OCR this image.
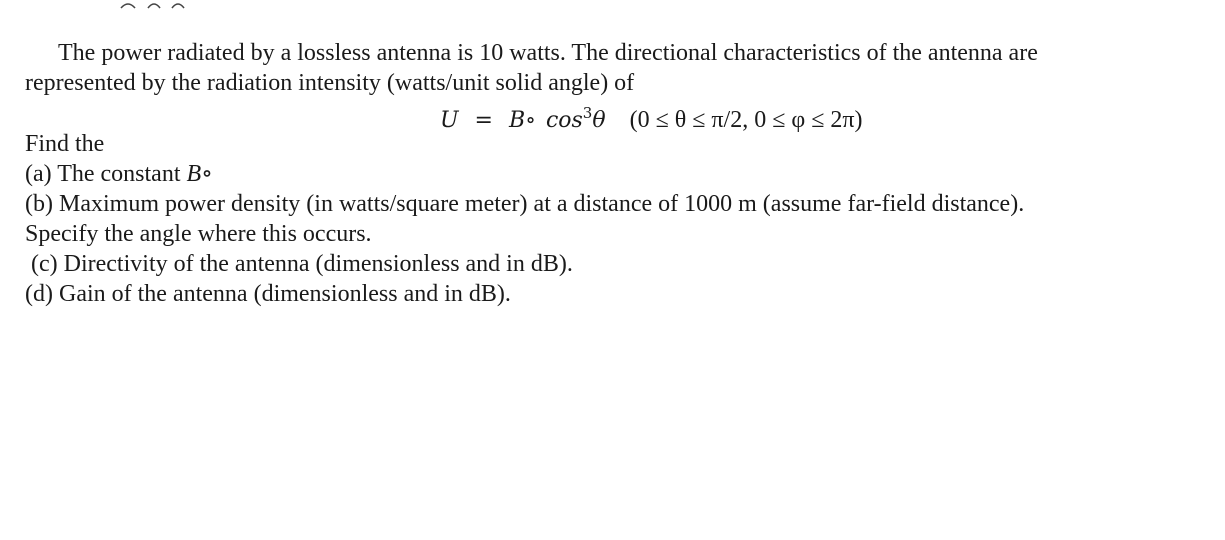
The power radiated by a lossless antenna is 10 watts. The directional characteristics of the antenna are
represented by the radiation intensity (watts/unit solid angle) of
U = B∘ $\cos^3\theta$ (0 ≤ θ ≤ π/2, 0 ≤ φ ≤ 2π)
Find the
(a) The constant B∘
(b) Maximum power density (in watts/square meter) at a distance of 1000 m (assume far-field distance).
Specify the angle where this occurs.
(c) Directivity of the antenna (dimensionless and in dB).
(d) Gain of the antenna (dimensionless and in dB).
